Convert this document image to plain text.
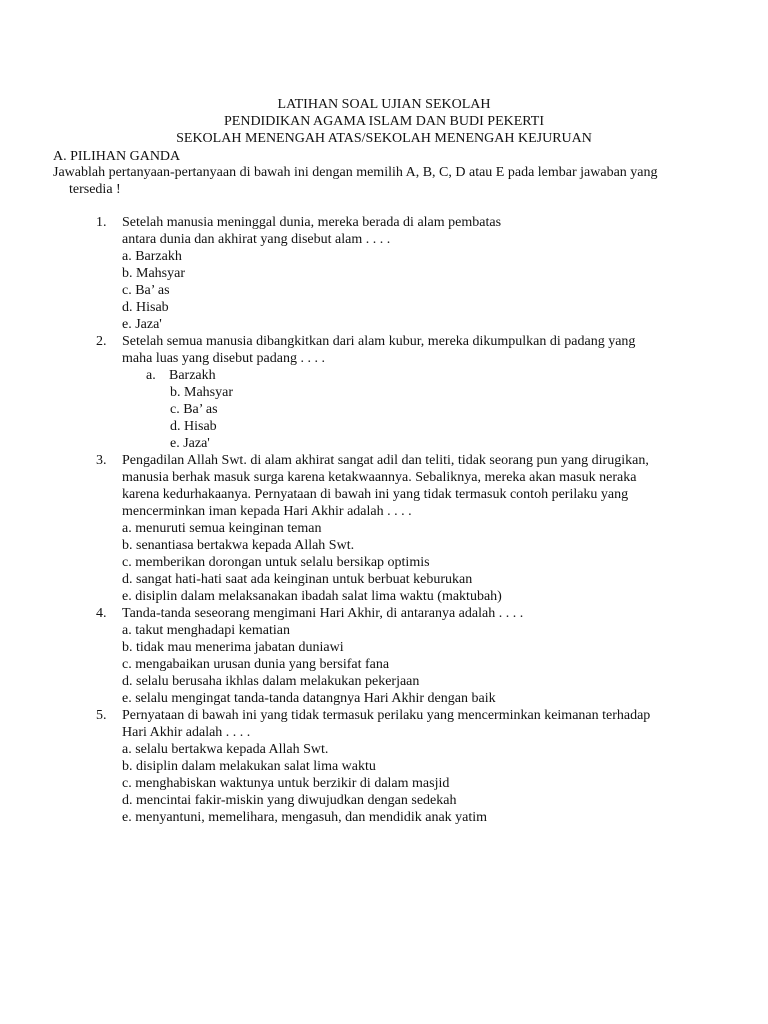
LATIHAN SOAL UJIAN SEKOLAH
PENDIDIKAN AGAMA ISLAM DAN BUDI PEKERTI
SEKOLAH MENENGAH ATAS/SEKOLAH MENENGAH KEJURUAN
A. PILIHAN GANDA
Jawablah pertanyaan-pertanyaan di bawah ini dengan memilih A, B, C, D atau E pada lembar jawaban yang
tersedia !
1. Setelah manusia meninggal dunia, mereka berada di alam pembatas
antara dunia dan akhirat yang disebut alam . . . .
a. Barzakh
b. Mahsyar
c. Ba’ as
d. Hisab
e. Jaza'
2. Setelah semua manusia dibangkitkan dari alam kubur, mereka dikumpulkan di padang yang
maha luas yang disebut padang . . . .
a. Barzakh
b. Mahsyar
c. Ba’ as
d. Hisab
e. Jaza'
3. Pengadilan Allah Swt. di alam akhirat sangat adil dan teliti, tidak seorang pun yang dirugikan,
manusia berhak masuk surga karena ketakwaannya. Sebaliknya, mereka akan masuk neraka
karena kedurhakaanya. Pernyataan di bawah ini yang tidak termasuk contoh perilaku yang
mencerminkan iman kepada Hari Akhir adalah . . . .
a. menuruti semua keinginan teman
b. senantiasa bertakwa kepada Allah Swt.
c. memberikan dorongan untuk selalu bersikap optimis
d. sangat hati-hati saat ada keinginan untuk berbuat keburukan
e. disiplin dalam melaksanakan ibadah salat lima waktu (maktubah)
4. Tanda-tanda seseorang mengimani Hari Akhir, di antaranya adalah . . . .
a. takut menghadapi kematian
b. tidak mau menerima jabatan duniawi
c. mengabaikan urusan dunia yang bersifat fana
d. selalu berusaha ikhlas dalam melakukan pekerjaan
e. selalu mengingat tanda-tanda datangnya Hari Akhir dengan baik
5. Pernyataan di bawah ini yang tidak termasuk perilaku yang mencerminkan keimanan terhadap
Hari Akhir adalah . . . .
a. selalu bertakwa kepada Allah Swt.
b. disiplin dalam melakukan salat lima waktu
c. menghabiskan waktunya untuk berzikir di dalam masjid
d. mencintai fakir-miskin yang diwujudkan dengan sedekah
e. menyantuni, memelihara, mengasuh, dan mendidik anak yatim
